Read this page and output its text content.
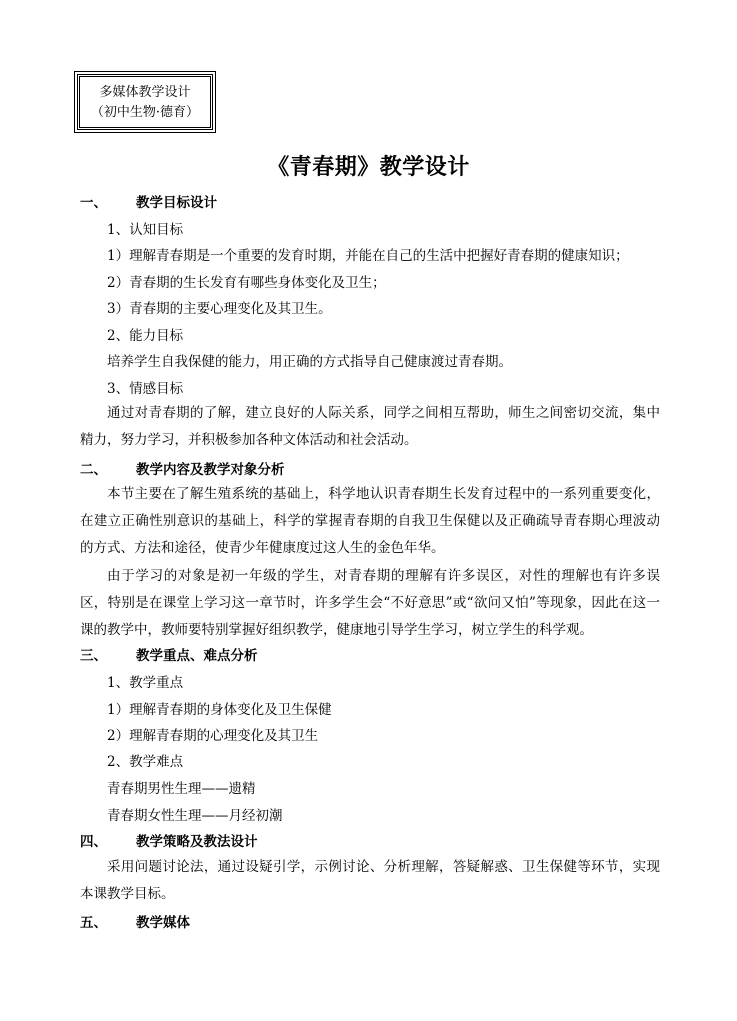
多媒体教学设计
（初中生物·德育）
《青春期》教学设计
一、 教学目标设计
1、认知目标
1）理解青春期是一个重要的发育时期，并能在自己的生活中把握好青春期的健康知识；
2）青春期的生长发育有哪些身体变化及卫生；
3）青春期的主要心理变化及其卫生。
2、能力目标
培养学生自我保健的能力，用正确的方式指导自己健康渡过青春期。
3、情感目标
通过对青春期的了解，建立良好的人际关系，同学之间相互帮助，师生之间密切交流，集中精力，努力学习，并积极参加各种文体活动和社会活动。
二、 教学内容及教学对象分析
本节主要在了解生殖系统的基础上，科学地认识青春期生长发育过程中的一系列重要变化，在建立正确性别意识的基础上，科学的掌握青春期的自我卫生保健以及正确疏导青春期心理波动的方式、方法和途径，使青少年健康度过这人生的金色年华。
由于学习的对象是初一年级的学生，对青春期的理解有许多误区，对性的理解也有许多误区，特别是在课堂上学习这一章节时，许多学生会“不好意思”或“欲问又怕”等现象，因此在这一课的教学中，教师要特别掌握好组织教学，健康地引导学生学习，树立学生的科学观。
三、 教学重点、难点分析
1、教学重点
1）理解青春期的身体变化及卫生保健
2）理解青春期的心理变化及其卫生
2、教学难点
青春期男性生理——遗精
青春期女性生理——月经初潮
四、 教学策略及教法设计
采用问题讨论法，通过设疑引学，示例讨论、分析理解，答疑解惑、卫生保健等环节，实现本课教学目标。
五、 教学媒体
